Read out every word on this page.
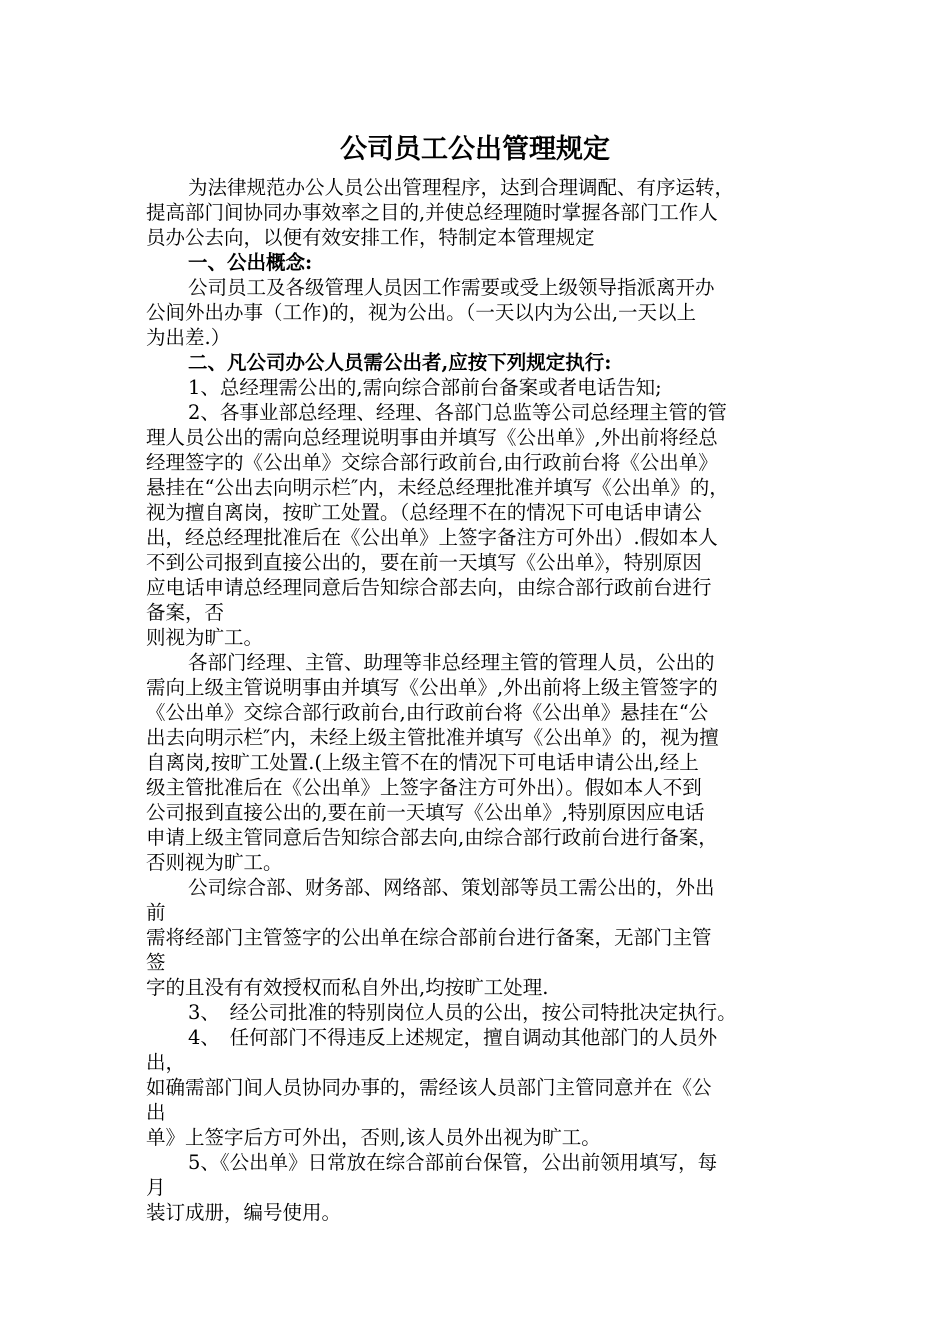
公司员工公出管理规定
为法律规范办公人员公出管理程序，达到合理调配、有序运转，
提高部门间协同办事效率之目的,并使总经理随时掌握各部门工作人
员办公去向，以便有效安排工作，特制定本管理规定
一、公出概念:
公司员工及各级管理人员因工作需要或受上级领导指派离开办
公间外出办事（工作)的，视为公出。（一天以内为公出,一天以上
为出差.）
二、凡公司办公人员需公出者,应按下列规定执行:
1、总经理需公出的,需向综合部前台备案或者电话告知;
2、各事业部总经理、经理、各部门总监等公司总经理主管的管
理人员公出的需向总经理说明事由并填写《公出单》,外出前将经总
经理签字的《公出单》交综合部行政前台,由行政前台将《公出单》
悬挂在“公出去向明示栏″内，未经总经理批准并填写《公出单》的，
视为擅自离岗，按旷工处置。（总经理不在的情况下可电话申请公
出，经总经理批准后在《公出单》上签字备注方可外出）.假如本人
不到公司报到直接公出的，要在前一天填写《公出单》，特别原因
应电话申请总经理同意后告知综合部去向，由综合部行政前台进行
备案，否
则视为旷工。
各部门经理、主管、助理等非总经理主管的管理人员，公出的
需向上级主管说明事由并填写《公出单》,外出前将上级主管签字的
《公出单》交综合部行政前台,由行政前台将《公出单》悬挂在“公
出去向明示栏″内，未经上级主管批准并填写《公出单》的，视为擅
自离岗,按旷工处置.(上级主管不在的情况下可电话申请公出,经上
级主管批准后在《公出单》上签字备注方可外出）。假如本人不到
公司报到直接公出的,要在前一天填写《公出单》,特别原因应电话
申请上级主管同意后告知综合部去向,由综合部行政前台进行备案，
否则视为旷工。
公司综合部、财务部、网络部、策划部等员工需公出的，外出
前
需将经部门主管签字的公出单在综合部前台进行备案，无部门主管
签
字的且没有有效授权而私自外出,均按旷工处理.
3、　经公司批准的特别岗位人员的公出，按公司特批决定执行。
4、　任何部门不得违反上述规定，擅自调动其他部门的人员外
出，
如确需部门间人员协同办事的，需经该人员部门主管同意并在《公
出
单》上签字后方可外出，否则,该人员外出视为旷工。
5、《公出单》日常放在综合部前台保管，公出前领用填写，每
月
装订成册，编号使用。
